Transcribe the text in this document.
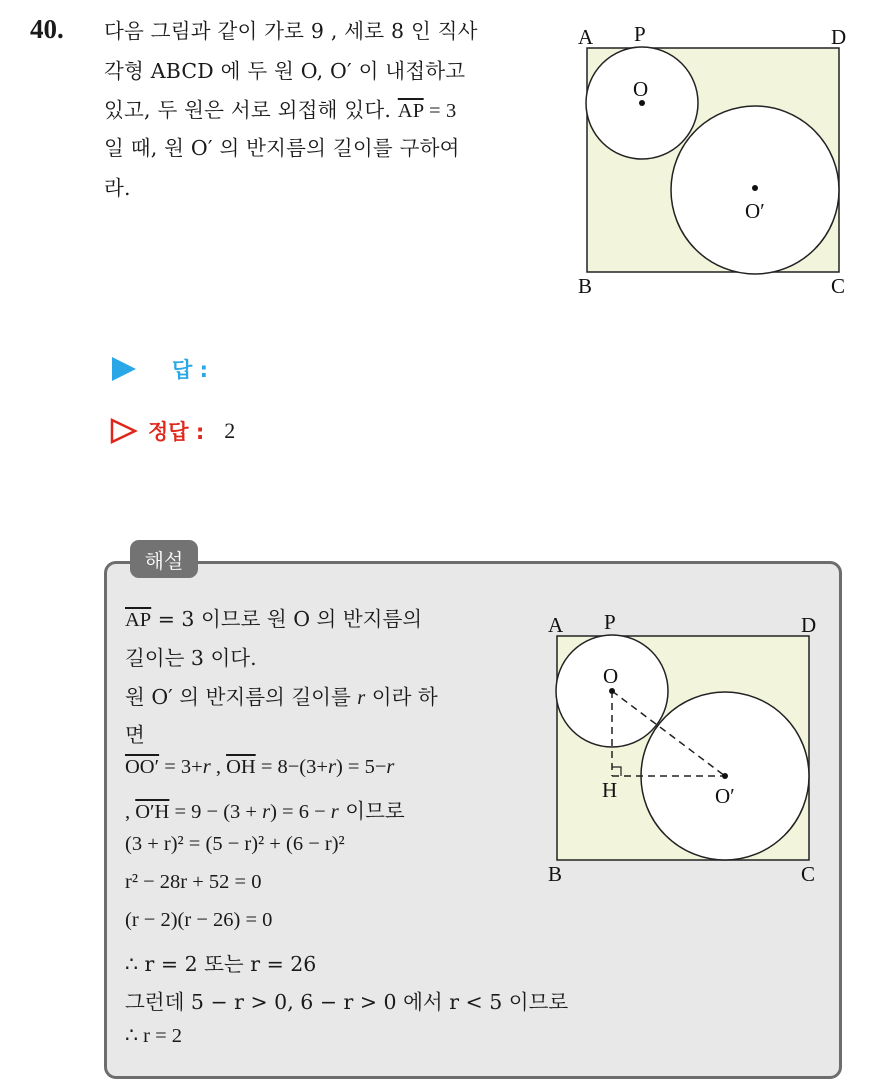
40. 다음 그림과 같이 가로 9 , 세로 8 인 직사
각형 ABCD 에 두 원 O, O′ 이 내접하고
있고, 두 원은 서로 외접해 있다. $\overline{AP} = 3$
일 때, 원 O′ 의 반지름의 길이를 구하여
라.
A P	D
B	C
O
O′
답 :
정답 : 2
해설
$\overline{AP} = 3$ 이므로 원 O 의 반지름의
길이는 3 이다.
원 O′ 의 반지름의 길이를 r 이라 하
면
OO′ = 3+r , $\overline{OH} = 8-(3+r) = 5-r$
, O′H = 9 − (3 + r) = 6 − r 이므로
(3 + r)² = (5 − r)² + (6 − r)²
r² − 28r + 52 = 0
(r − 2)(r − 26) = 0
∴ r = 2 또는 r = 26
그런데 5 − r > 0, 6 − r > 0 에서 r < 5 이므로
∴ r = 2
A P	D
B	C
O
O′
H
